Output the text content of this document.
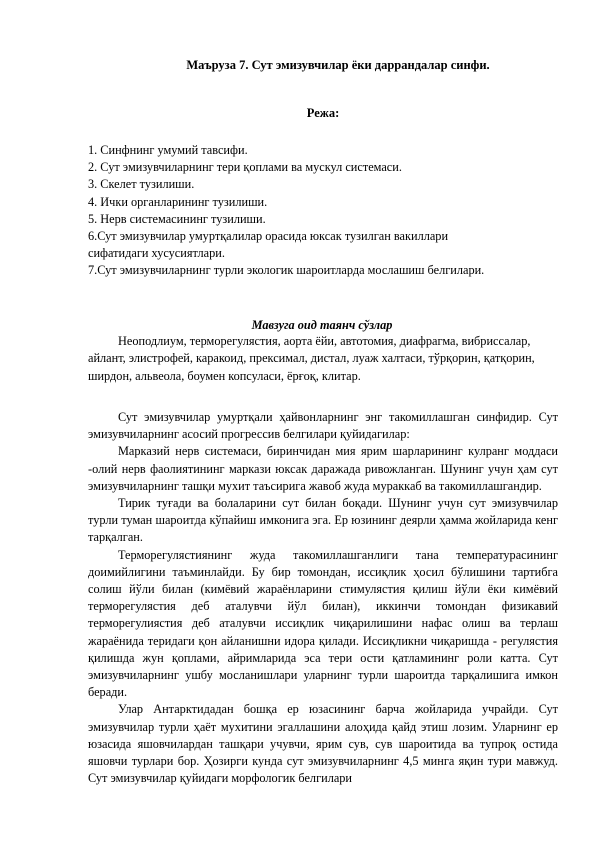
Маъруза 7. Сут эмизувчилар ёки даррандалар синфи.
Режа:
1. Синфнинг умумий тавсифи.
2. Сут эмизувчиларнинг тери қоплами ва мускул системаси.
3. Скелет тузилиши.
4. Ички органларининг тузилиши.
5. Нерв системасининг тузилиши.
6.Сут эмизувчилар умуртқалилар орасида юксак тузилган вакиллари сифатидаги хусусиятлари.
7.Сут эмизувчиларнинг турли экологик шароитларда мослашиш белгилари.
Мавзуга оид таянч сўзлар
Неоподлиум, терморегулястия, аорта ёйи, автотомия, диафрагма, вибриссалар, айлант, элистрофей, каракоид, прексимал, дистал, луаж халтаси, тўрқорин, қатқорин, ширдон, альвеола, боумен копсуласи, ёрғоқ, клитар.

Сут эмизувчилар умуртқали ҳайвонларнинг энг такомиллашган синфидир. Сут эмизувчиларнинг асосий прогрессив белгилари қуйидагилар:

Марказий нерв системаси, биринчидан мия ярим шарларининг кулранг моддаси -олий нерв фаолиятининг маркази юксак даражада ривожланган. Шунинг учун ҳам сут эмизувчиларнинг ташқи мухит таъсирига жавоб жуда мураккаб ва такомиллашгандир.

Тирик туғади ва болаларини сут билан боқади. Шунинг учун сут эмизувчилар турли туман шароитда кўпайиш имконига эга. Ер юзининг деярли ҳамма жойларида кенг тарқалган.

Терморегулястиянинг жуда такомиллашганлиги тана температурасининг доимийлигини таъминлайди. Бу бир томондан, иссиқлик ҳосил бўлишини тартибга солиш йўли билан (кимёвий жараёнларини стимулястия қилиш йўли ёки кимёвий терморегулястия деб аталувчи йўл билан), иккинчи томондан физикавий терморегулиястия деб аталувчи иссиқлик чиқарилишини нафас олиш ва терлаш жараёнида теридаги қон айланишни идора қилади. Иссиқликни чиқаришда - регулястия қилишда жун қоплами, айримларида эса тери ости қатламининг роли катта. Сут эмизувчиларнинг ушбу мосланишлари уларнинг турли шароитда тарқалишига имкон беради.

Улар Антарктидадан бошқа ер юзасининг барча жойларида учрайди. Сут эмизувчилар турли ҳаёт мухитини эгаллашини алоҳида қайд этиш лозим. Уларнинг ер юзасида яшовчилардан ташқари учувчи, ярим сув, сув шароитида ва тупроқ остида яшовчи турлари бор. Ҳозирги кунда сут эмизувчиларнинг 4,5 минга яқин тури мавжуд. Сут эмизувчилар қуйидаги морфологик белгилари
